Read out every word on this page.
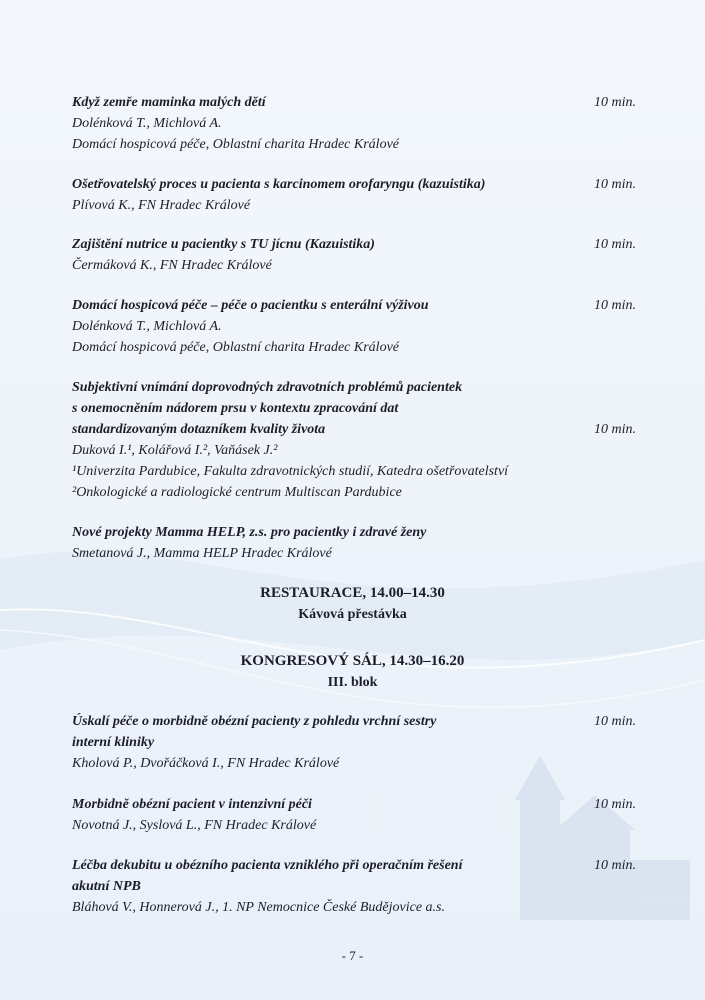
Když zemře maminka malých dětí	10 min.
Dolénková T., Michlová A.
Domácí hospicová péče, Oblastní charita Hradec Králové
Ošetřovatelský proces u pacienta s karcinomem orofaryngu (kazuistika)	10 min.
Plívová K., FN Hradec Králové
Zajištění nutrice u pacientky s TU jícnu (Kazuistika)	10 min.
Čermáková K., FN Hradec Králové
Domácí hospicová péče – péče o pacientku s enterální výživou	10 min.
Dolénková T., Michlová A.
Domácí hospicová péče, Oblastní charita Hradec Králové
Subjektivní vnímání doprovodných zdravotních problémů pacientek
s onemocněním nádorem prsu v kontextu zpracování dat
standardizovaným dotazníkem kvality života	10 min.
Duková I.¹, Kolářová I.², Vaňásek J.²
¹Univerzita Pardubice, Fakulta zdravotnických studií, Katedra ošetřovatelství
²Onkologické a radiologické centrum Multiscan Pardubice
Nové projekty Mamma HELP, z.s. pro pacientky i zdravé ženy
Smetanová J., Mamma HELP Hradec Králové
RESTAURACE, 14.00–14.30
Kávová přestávka
KONGRESOVÝ SÁL, 14.30–16.20
III. blok
Úskalí péče o morbidně obézní pacienty z pohledu vrchní sestry	10 min.
interní kliniky
Kholová P., Dvořáčková I., FN Hradec Králové
Morbidně obézní pacient v intenzivní péči	10 min.
Novotná J., Syslová L., FN Hradec Králové
Léčba dekubitu u obézního pacienta vzniklého při operačním řešení	10 min.
akutní NPB
Bláhová V., Honnerová J., 1. NP Nemocnice České Budějovice a.s.
- 7 -
